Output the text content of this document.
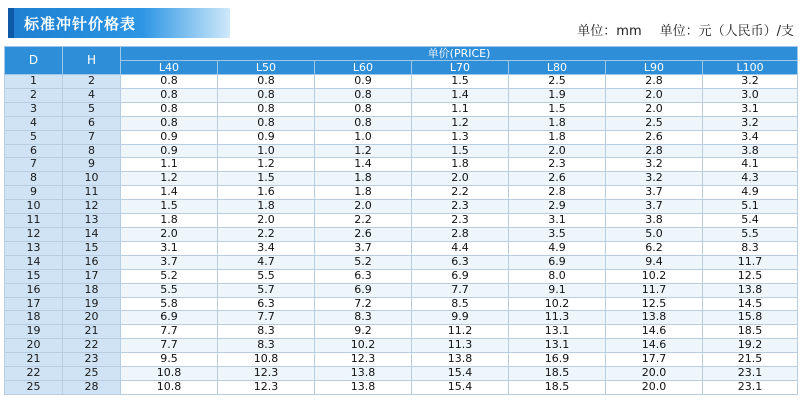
标准冲针价格表	单位：mm 单位：元（人民币）/支
D	H	单价(PRICE)						
		L40	L50	L60	L70	L80	L90	L100
1	2	0.8	0.8	0.9	1.5	2.5	2.8	3.2
2	4	0.8	0.8	0.8	1.4	1.9	2.0	3.0
3	5	0.8	0.8	0.8	1.1	1.5	2.0	3.1
4	6	0.8	0.8	0.8	1.2	1.8	2.5	3.2
5	7	0.9	0.9	1.0	1.3	1.8	2.6	3.4
6	8	0.9	1.0	1.2	1.5	2.0	2.8	3.8
7	9	1.1	1.2	1.4	1.8	2.3	3.2	4.1
8	10	1.2	1.5	1.8	2.0	2.6	3.2	4.3
9	11	1.4	1.6	1.8	2.2	2.8	3.7	4.9
10	12	1.5	1.8	2.0	2.3	2.9	3.7	5.1
11	13	1.8	2.0	2.2	2.3	3.1	3.8	5.4
12	14	2.0	2.2	2.6	2.8	3.5	5.0	5.5
13	15	3.1	3.4	3.7	4.4	4.9	6.2	8.3
14	16	3.7	4.7	5.2	6.3	6.9	9.4	11.7
15	17	5.2	5.5	6.3	6.9	8.0	10.2	12.5
16	18	5.5	5.7	6.9	7.7	9.1	11.7	13.8
17	19	5.8	6.3	7.2	8.5	10.2	12.5	14.5
18	20	6.9	7.7	8.3	9.9	11.3	13.8	15.8
19	21	7.7	8.3	9.2	11.2	13.1	14.6	18.5
20	22	7.7	8.3	10.2	11.3	13.1	14.6	19.2
21	23	9.5	10.8	12.3	13.8	16.9	17.7	21.5
22	25	10.8	12.3	13.8	15.4	18.5	20.0	23.1
25	28	10.8	12.3	13.8	15.4	18.5	20.0	23.1
